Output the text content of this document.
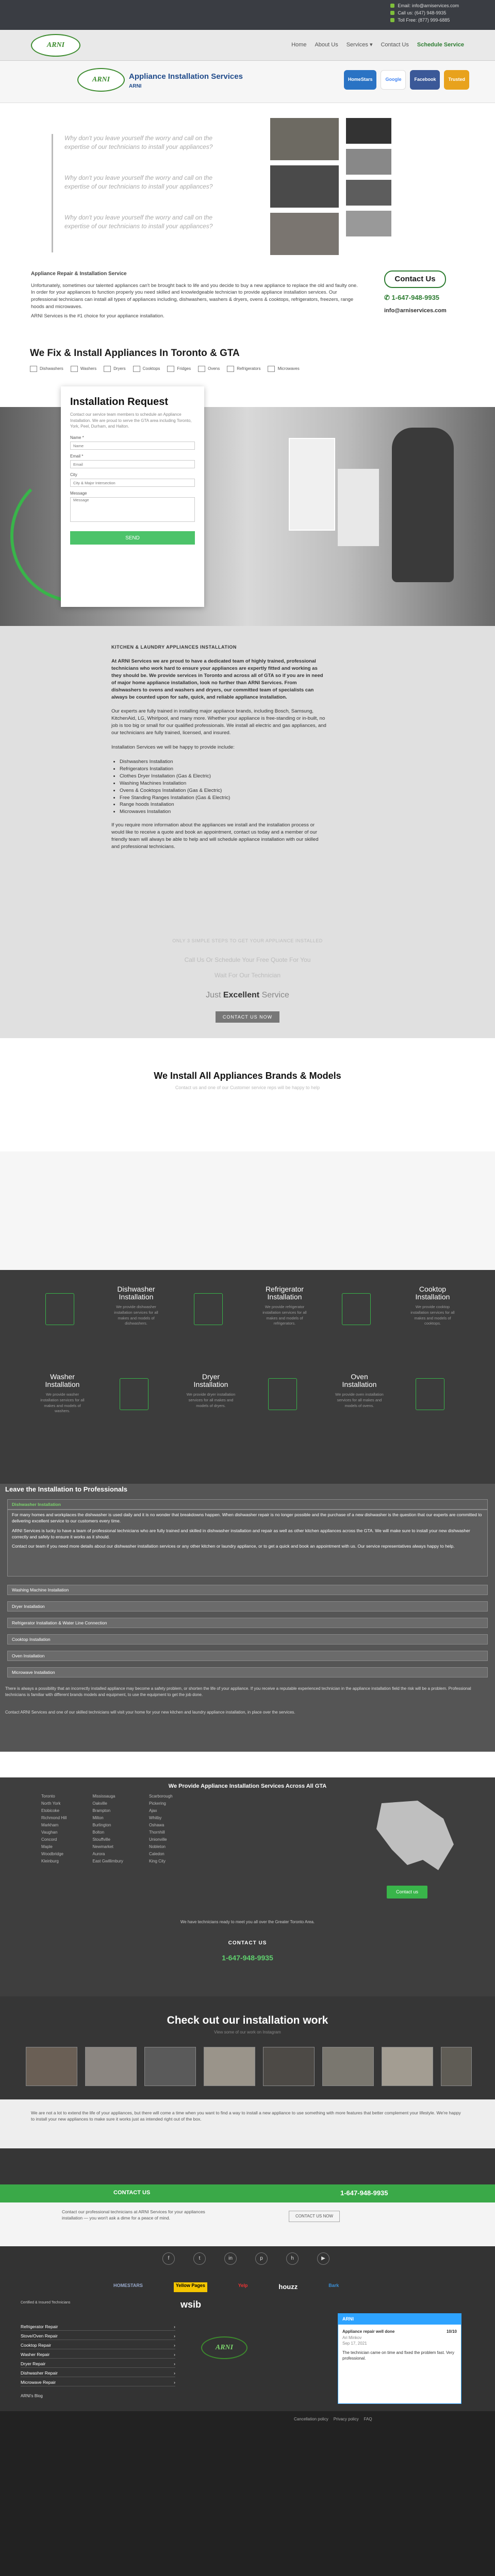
Email: info@arniservices.com
Call us: (647) 948-9935
Toll Free: (877) 999-6885
ARNI	Home About Us Services ▾ Contact Us Schedule Service
ARNI	Appliance Installation Services
ARNI
HomeStars	Google	Facebook	Trusted

Why don't you leave yourself the worry and call on the expertise of our technicians to install your appliances?

Why don't you leave yourself the worry and call on the expertise of our technicians to install your appliances?

Why don't you leave yourself the worry and call on the expertise of our technicians to install your appliances?

Appliance Repair & Installation Service

Unfortunately, sometimes our talented appliances can't be brought back to life and you decide to buy a new appliance to replace the old and faulty one. In order for your appliances to function properly you need skilled and knowledgeable technician to provide appliance installation services. Our professional technicians can install all types of appliances including, dishwashers, washers & dryers, ovens & cooktops, refrigerators, freezers, range hoods and microwaves.

ARNI Services is the #1 choice for your appliance installation.

Contact Us
✆ 1-647-948-9935
info@arniservices.com
We Fix & Install Appliances In Toronto & GTA
Dishwashers	Washers	Dryers	Cooktops	Fridges	Ovens	Refrigerators	Microwaves
Installation Request

Contact our service team members to schedule an Appliance Installation. We are proud to serve the GTA area including Toronto, York, Peel, Durham, and Halton.

Name *
Name
Email *
Email
City
City & Major Intersection
Message
Message
SEND
KITCHEN & LAUNDRY APPLIANCES INSTALLATION

At ARNI Services we are proud to have a dedicated team of highly trained, professional technicians who work hard to ensure your appliances are expertly fitted and working as they should be. We provide services in Toronto and across all of GTA so if you are in need of major home appliance installation, look no further than ARNI Services. From dishwashers to ovens and washers and dryers, our committed team of specialists can always be counted upon for safe, quick, and reliable appliance installation.

Our experts are fully trained in installing major appliance brands, including Bosch, Samsung, KitchenAid, LG, Whirlpool, and many more. Whether your appliance is free-standing or in-built, no job is too big or small for our qualified professionals. We install all electric and gas appliances, and our technicians are fully trained, licensed, and insured.

Installation Services we will be happy to provide include:

• Dishwashers Installation
• Refrigerators Installation
• Clothes Dryer Installation (Gas & Electric)
• Washing Machines Installation
• Ovens & Cooktops Installation (Gas & Electric)
• Free Standing Ranges Installation (Gas & Electric)
• Range hoods Installation
• Microwaves Installation

If you require more information about the appliances we install and the installation process or would like to receive a quote and book an appointment, contact us today and a member of our friendly team will always be able to help and will schedule appliance installation with our skilled and professional technicians.

ONLY 3 SIMPLE STEPS TO GET YOUR APPLIANCE INSTALLED
Call Us Or Schedule Your Free Quote For You
Wait For Our Technician
Just Excellent Service
CONTACT US NOW
We Install All Appliances Brands & Models
Contact us and one of our Customer service reps will be happy to help
Dishwasher Installation

We provide dishwasher installation services for all makes and models of dishwashers.

Refrigerator Installation

We provide refrigerator installation services for all makes and models of refrigerators.

Cooktop Installation

We provide cooktop installation services for all makes and models of cooktops.

Washer Installation

We provide washer installation services for all makes and models of washers.

Dryer Installation

We provide dryer installation services for all makes and models of dryers.

Oven Installation

We provide oven installation services for all makes and models of ovens.

Leave the Installation to Professionals
Dishwasher Installation

For many homes and workplaces the dishwasher is used daily and it is no wonder that breakdowns happen. When dishwasher repair is no longer possible and the purchase of a new dishwasher is the question that our experts are committed to delivering excellent service to our customers every time.

ARNI Services is lucky to have a team of professional technicians who are fully trained and skilled in dishwasher installation and repair as well as other kitchen appliances across the GTA. We will make sure to install your new dishwasher correctly and safely to ensure it works as it should.

Contact our team if you need more details about our dishwasher installation services or any other kitchen or laundry appliance, or to get a quick and book an appointment with us. Our service representatives always happy to help.

Washing Machine Installation
Dryer Installation
Refrigerator Installation & Water Line Connection
Cooktop Installation
Oven Installation
Microwave Installation
There is always a possibility that an incorrectly installed appliance may become a safety problem, or shorten the life of your appliance. If you receive a reputable experienced technician in the appliance installation field the risk will be a problem. Professional technicians is familiar with different brands models and equipment, to use the equipment to get the job done.
Contact ARNI Services and one of our skilled technicians will visit your home for your new kitchen and laundry appliance installation, in place over the services.
We Provide Appliance Installation Services Across All GTA
Toronto
North York
Etobicoke
Richmond Hill
Markham
Vaughan
Concord
Maple
Woodbridge
Kleinburg
Mississauga
Oakville
Brampton
Milton
Burlington
Bolton
Stouffville
Newmarket
Aurora
East Gwillimbury
Scarborough
Pickering
Ajax
Whitby
Oshawa
Thornhill
Unionville
Nobleton
Caledon
King City
Contact us
We have technicians ready to meet you all over the Greater Toronto Area.
CONTACT US
1-647-948-9935
Check out our installation work
View some of our work on Instagram

We are not a lot to extend the life of your appliances, but there will come a time when you want to find a way to install a new appliance to use something with more features that better complement your lifestyle. We're happy to install your new appliances to make sure it works just as intended right out of the box.

CONTACT US	1-647-948-9935

Contact our professional technicians at ARNI Services for your appliances installation — you won't ask a dime for a peace of mind.	CONTACT US NOW
f	t	in	p	h	▶
HOMESTARS	Yellow Pages	Yelp	houzz	Bark
Certified & Insured Technicians	wsib
Refrigerator Repair	›
Stove/Oven Repair	›
Cooktop Repair	›
Washer Repair	›
Dryer Repair	›
Dishwasher Repair	›
Microwave Repair	›
ARNI
ARNI
Appliance repair well done	10/10
Ari Minkov
Sep 17, 2021

The technician came on time and fixed the problem fast. Very professional.

ARNI's Blog
Cancellation policy Privacy policy FAQ
